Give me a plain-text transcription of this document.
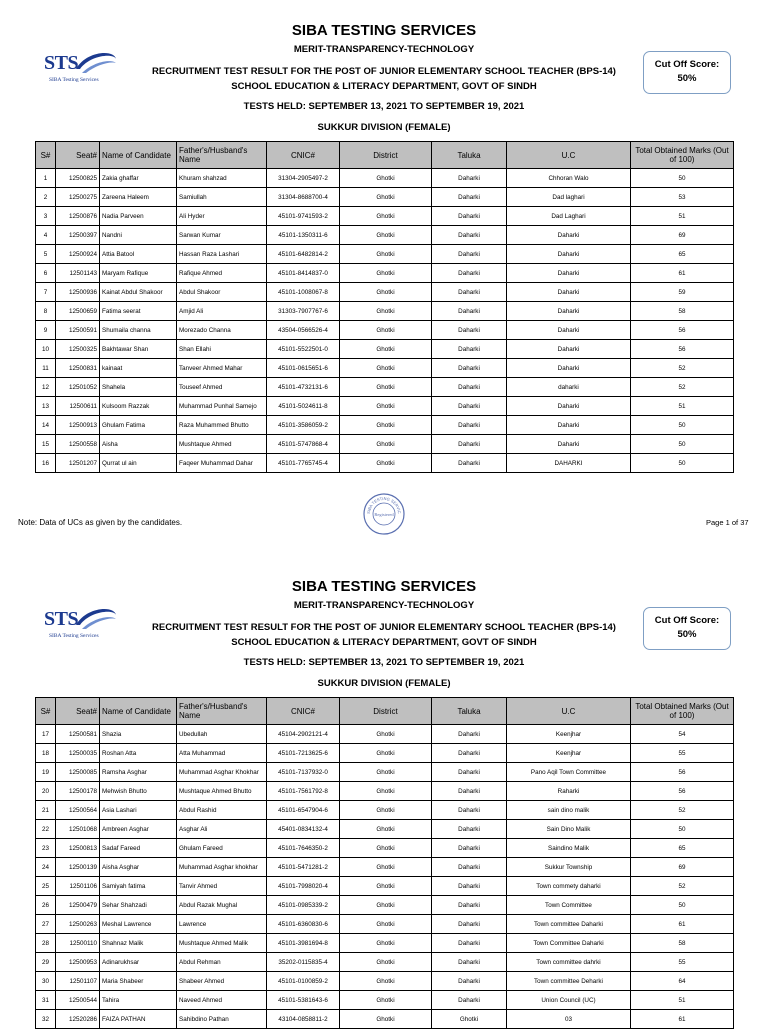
SIBA TESTING SERVICES
MERIT-TRANSPARENCY-TECHNOLOGY
STS
SIBA Testing Services
RECRUITMENT TEST RESULT FOR THE POST OF JUNIOR ELEMENTARY SCHOOL TEACHER (BPS-14)
SCHOOL EDUCATION & LITERACY DEPARTMENT, GOVT OF SINDH
TESTS HELD: SEPTEMBER 13, 2021 TO SEPTEMBER 19, 2021
SUKKUR DIVISION (FEMALE)
Cut Off Score:
50%
S#	Seat#	Name of Candidate	Father's/Husband's Name	CNIC#	District	Taluka	U.C	Total Obtained Marks (Out of 100)
1	12500825	Zakia ghaffar	Khuram shahzad	31304-2905497-2	Ghotki	Daharki	Chhoran Walo	50
2	12500275	Zareena Haleem	Samiullah	31304-8688700-4	Ghotki	Daharki	Dad laghari	53
3	12500876	Nadia Parveen	Ali Hyder	45101-9741593-2	Ghotki	Daharki	Dad Laghari	51
4	12500397	Nandni	Sarwan Kumar	45101-1350311-6	Ghotki	Daharki	Daharki	69
5	12500924	Attia Batool	Hassan Raza Lashari	45101-6482814-2	Ghotki	Daharki	Daharki	65
6	12501143	Maryam Rafique	Rafique Ahmed	45101-8414837-0	Ghotki	Daharki	Daharki	61
7	12500936	Kainat Abdul Shakoor	Abdul Shakoor	45101-1008067-8	Ghotki	Daharki	Daharki	59
8	12500659	Fatima seerat	Amjid Ali	31303-7907767-6	Ghotki	Daharki	Daharki	58
9	12500591	Shumaila channa	Morezado Channa	43504-0566526-4	Ghotki	Daharki	Daharki	56
10	12500325	Bakhtawar Shan	Shan Ellahi	45101-5522501-0	Ghotki	Daharki	Daharki	56
11	12500831	kainaat	Tanveer Ahmed Mahar	45101-0615651-6	Ghotki	Daharki	Daharki	52
12	12501052	Shahela	Touseef Ahmed	45101-4732131-6	Ghotki	Daharki	daharki	52
13	12500611	Kulsoom Razzak	Muhammad Punhal Samejo	45101-5024611-8	Ghotki	Daharki	Daharki	51
14	12500913	Ghulam Fatima	Raza Muhammed Bhutto	45101-3586059-2	Ghotki	Daharki	Daharki	50
15	12500558	Aisha	Mushtaque Ahmed	45101-5747868-4	Ghotki	Daharki	Daharki	50
16	12501207	Qurrat ul ain	Faqeer Muhammad Dahar	45101-7765745-4	Ghotki	Daharki	DAHARKI	50
Note: Data of UCs as given by the candidates.	Page 1 of 37
SIBA TESTING SERVIC
Registered
SIBA TESTING SERVICES
MERIT-TRANSPARENCY-TECHNOLOGY
STS
SIBA Testing Services
RECRUITMENT TEST RESULT FOR THE POST OF JUNIOR ELEMENTARY SCHOOL TEACHER (BPS-14)
SCHOOL EDUCATION & LITERACY DEPARTMENT, GOVT OF SINDH
TESTS HELD: SEPTEMBER 13, 2021 TO SEPTEMBER 19, 2021
SUKKUR DIVISION (FEMALE)
Cut Off Score:
50%
S#	Seat#	Name of Candidate	Father's/Husband's Name	CNIC#	District	Taluka	U.C	Total Obtained Marks (Out of 100)
17	12500581	Shazia	Ubedullah	45104-2902121-4	Ghotki	Daharki	Keenjhar	54
18	12500035	Roshan Atta	Atta Muhammad	45101-7213625-6	Ghotki	Daharki	Keenjhar	55
19	12500085	Ramsha Asghar	Muhammad Asghar Khokhar	45101-7137932-0	Ghotki	Daharki	Pano Aqil Town Committee	56
20	12500178	Mehwish Bhutto	Mushtaque Ahmed Bhutto	45101-7561792-8	Ghotki	Daharki	Raharki	56
21	12500564	Asia Lashari	Abdul Rashid	45101-6547904-6	Ghotki	Daharki	sain dino malik	52
22	12501068	Ambreen Asghar	Asghar Ali	45401-0834132-4	Ghotki	Daharki	Sain Dino Malik	50
23	12500813	Sadaf Fareed	Ghulam Fareed	45101-7646350-2	Ghotki	Daharki	Saindino Malik	65
24	12500139	Aisha Asghar	Muhammad Asghar khokhar	45101-5471281-2	Ghotki	Daharki	Sukkur Township	69
25	12501106	Samiyah fatima	Tanvir Ahmed	45101-7998020-4	Ghotki	Daharki	Town commety daharki	52
26	12500479	Sehar Shahzadi	Abdul Razak Mughal	45101-0985339-2	Ghotki	Daharki	Town Committee	50
27	12500263	Meshal Lawrence	Lawrence	45101-6360830-6	Ghotki	Daharki	Town committee Daharki	61
28	12500110	Shahnaz Malik	Mushtaque Ahmed Malik	45101-3981694-8	Ghotki	Daharki	Town Committee Daharki	58
29	12500953	Adinarukhsar	Abdul Rehman	35202-0115835-4	Ghotki	Daharki	Town committee dahrki	55
30	12501107	Maria Shabeer	Shabeer Ahmed	45101-0100859-2	Ghotki	Daharki	Town committee Deharki	64
31	12500544	Tahira	Naveed Ahmed	45101-5381643-6	Ghotki	Daharki	Union Council (UC)	51
32	12520286	FAIZA PATHAN	Sahibdino Pathan	43104-0858811-2	Ghotki	Ghotki	03	61
